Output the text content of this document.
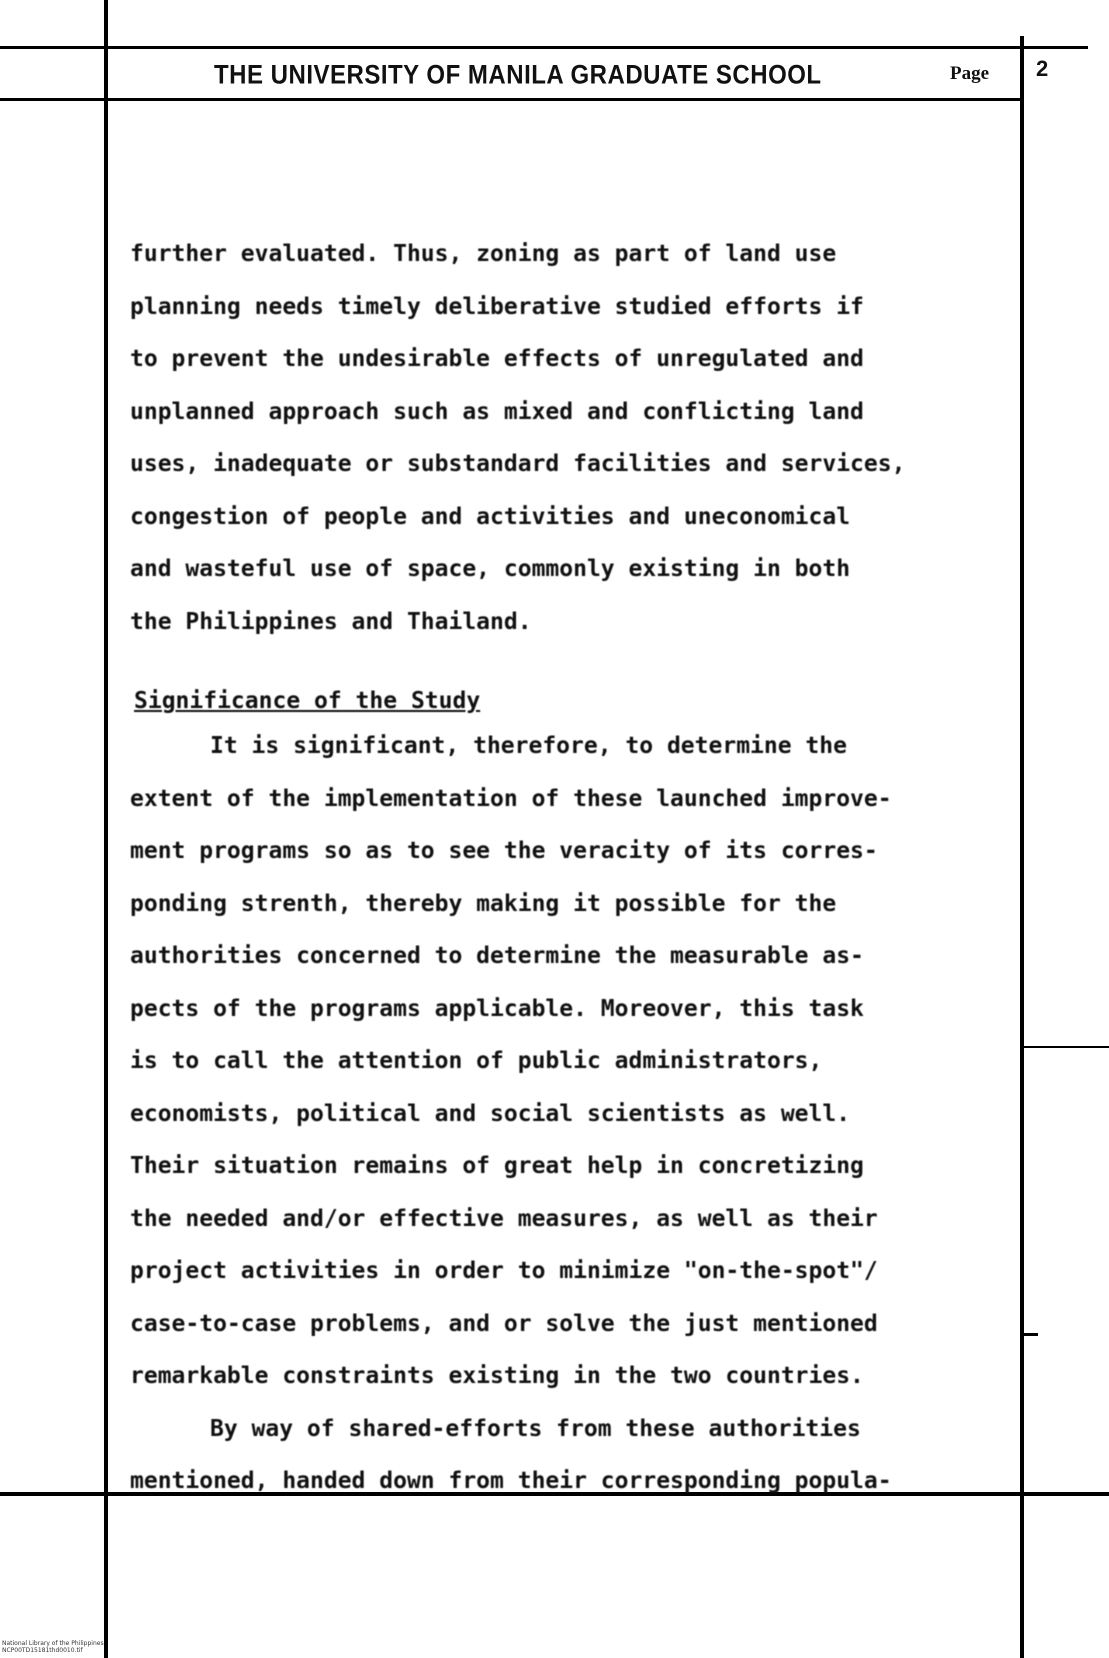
THE UNIVERSITY OF MANILA GRADUATE SCHOOL	Page 2
further evaluated. Thus, zoning as part of land use
planning needs timely deliberative studied efforts if
to prevent the undesirable effects of unregulated and
unplanned approach such as mixed and conflicting land
uses, inadequate or substandard facilities and services,
congestion of people and activities and uneconomical
and wasteful use of space, commonly existing in both
the Philippines and Thailand.
Significance of the Study
It is significant, therefore, to determine the
extent of the implementation of these launched improve-
ment programs so as to see the veracity of its corres-
ponding strenth, thereby making it possible for the
authorities concerned to determine the measurable as-
pects of the programs applicable. Moreover, this task
is to call the attention of public administrators,
economists, political and social scientists as well.
Their situation remains of great help in concretizing
the needed and/or effective measures, as well as their
project activities in order to minimize "on-the-spot"/
case-to-case problems, and or solve the just mentioned
remarkable constraints existing in the two countries.
By way of shared-efforts from these authorities
mentioned, handed down from their corresponding popula-
National Library of the Philippines
NCP00TD15181thd0010.tif
